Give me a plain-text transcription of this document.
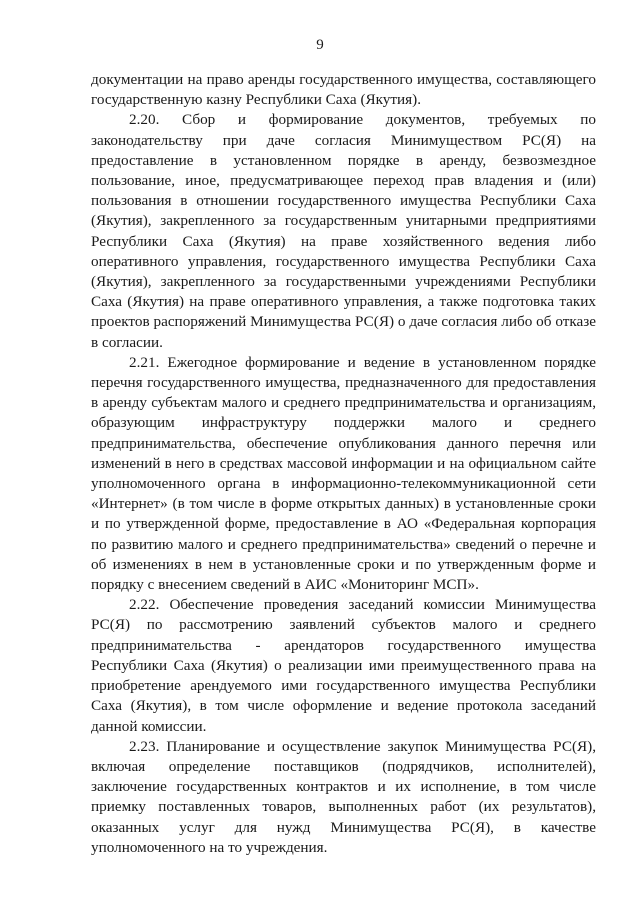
9

документации на право аренды государственного имущества, составляющего государственную казну Республики Саха (Якутия).

2.20. Сбор и формирование документов, требуемых по законодательству при даче согласия Минимуществом РС(Я) на предоставление в установленном порядке в аренду, безвозмездное пользование, иное, предусматривающее переход прав владения и (или) пользования в отношении государственного имущества Республики Саха (Якутия), закрепленного за государственным унитарными предприятиями Республики Саха (Якутия) на праве хозяйственного ведения либо оперативного управления, государственного имущества Республики Саха (Якутия), закрепленного за государственными учреждениями Республики Саха (Якутия) на праве оперативного управления, а также подготовка таких проектов распоряжений Минимущества РС(Я) о даче согласия либо об отказе в согласии.

2.21. Ежегодное формирование и ведение в установленном порядке перечня государственного имущества, предназначенного для предоставления в аренду субъектам малого и среднего предпринимательства и организациям, образующим инфраструктуру поддержки малого и среднего предпринимательства, обеспечение опубликования данного перечня или изменений в него в средствах массовой информации и на официальном сайте уполномоченного органа в информационно-телекоммуникационной сети «Интернет» (в том числе в форме открытых данных) в установленные сроки и по утвержденной форме, предоставление в АО «Федеральная корпорация по развитию малого и среднего предпринимательства» сведений о перечне и об изменениях в нем в установленные сроки и по утвержденным форме и порядку с внесением сведений в АИС «Мониторинг МСП».

2.22. Обеспечение проведения заседаний комиссии Минимущества РС(Я) по рассмотрению заявлений субъектов малого и среднего предпринимательства - арендаторов государственного имущества Республики Саха (Якутия) о реализации ими преимущественного права на приобретение арендуемого ими государственного имущества Республики Саха (Якутия), в том числе оформление и ведение протокола заседаний данной комиссии.

2.23. Планирование и осуществление закупок Минимущества РС(Я), включая определение поставщиков (подрядчиков, исполнителей), заключение государственных контрактов и их исполнение, в том числе приемку поставленных товаров, выполненных работ (их результатов), оказанных услуг для нужд Минимущества РС(Я), в качестве уполномоченного на то учреждения.
